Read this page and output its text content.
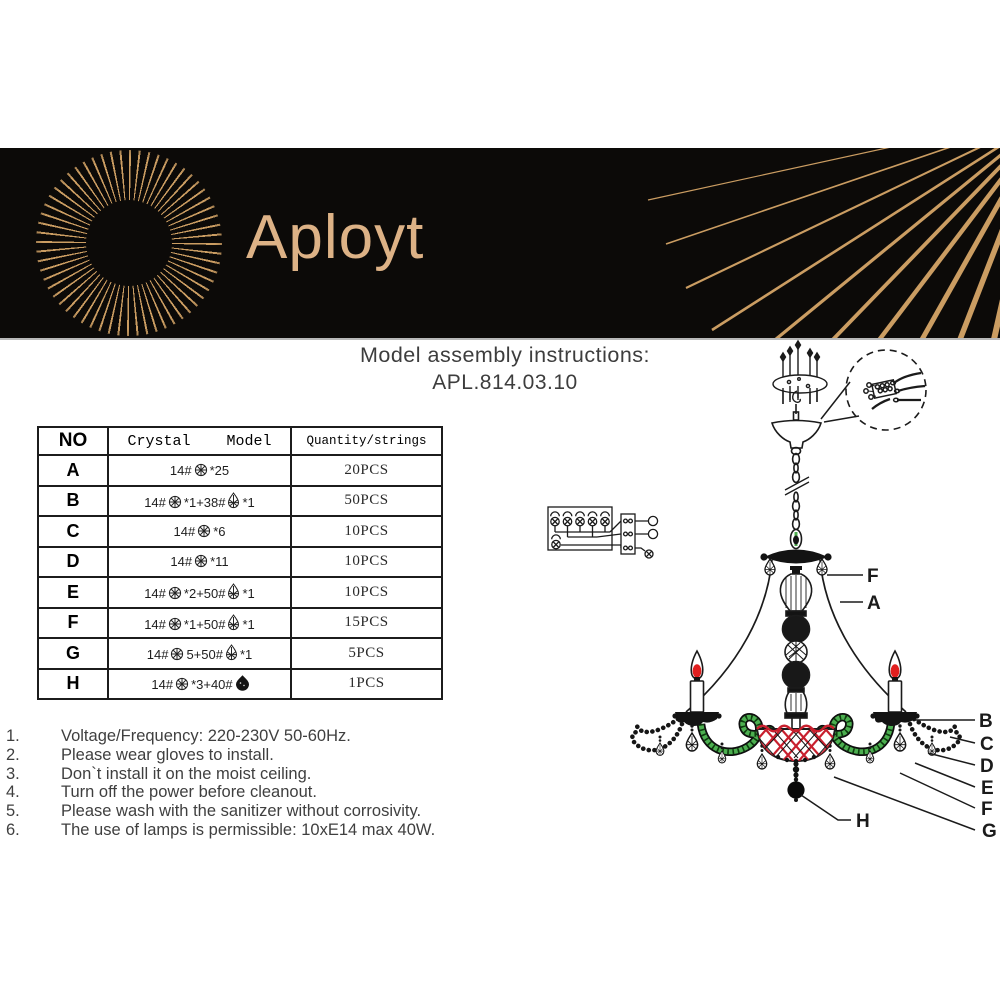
Aployt
Model assembly instructions:
APL.814.03.10
NO	Crystal    Model	Quantity/strings
A	14# *25	20PCS
B	14# *1+38# *1	50PCS
C	14# *6	10PCS
D	14# *11	10PCS
E	14# *2+50# *1	10PCS
F	14# *1+50# *1	15PCS
G	14# 5+50# *1	5PCS
H	14# *3+40#	1PCS
1. Voltage/Frequency: 220-230V 50-60Hz.
2. Please wear gloves to install.
3. Don`t install it on the moist ceiling.
4. Turn off the power before cleanout.
5. Please wash with the sanitizer without corrosivity.
6. The use of lamps is permissible: 10xE14 max 40W.
F
A
B
C
D
E
F
G
H
